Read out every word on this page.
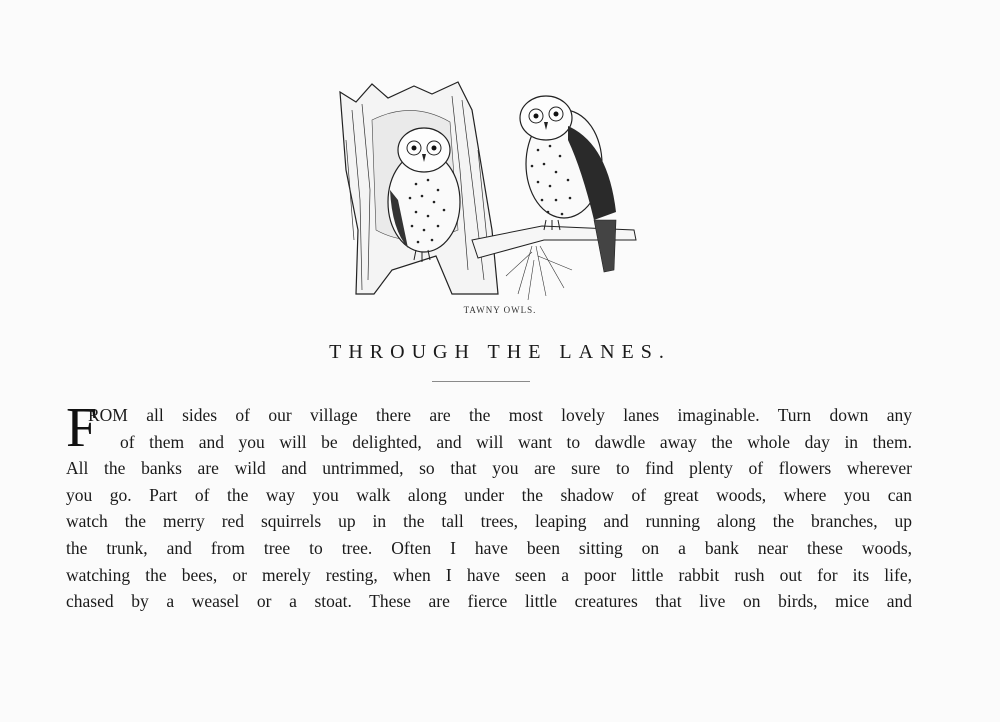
TAWNY OWLS.
THROUGH THE LANES.
F
ROM all sides of our village there are the most lovely lanes imaginable. Turn down any
of them and you will be delighted, and will want to dawdle away the whole day in them.
All the banks are wild and untrimmed, so that you are sure to find plenty of flowers wherever
you go. Part of the way you walk along under the shadow of great woods, where you can
watch the merry red squirrels up in the tall trees, leaping and running along the branches, up
the trunk, and from tree to tree. Often I have been sitting on a bank near these woods,
watching the bees, or merely resting, when I have seen a poor little rabbit rush out for its life,
chased by a weasel or a stoat. These are fierce little creatures that live on birds, mice and
